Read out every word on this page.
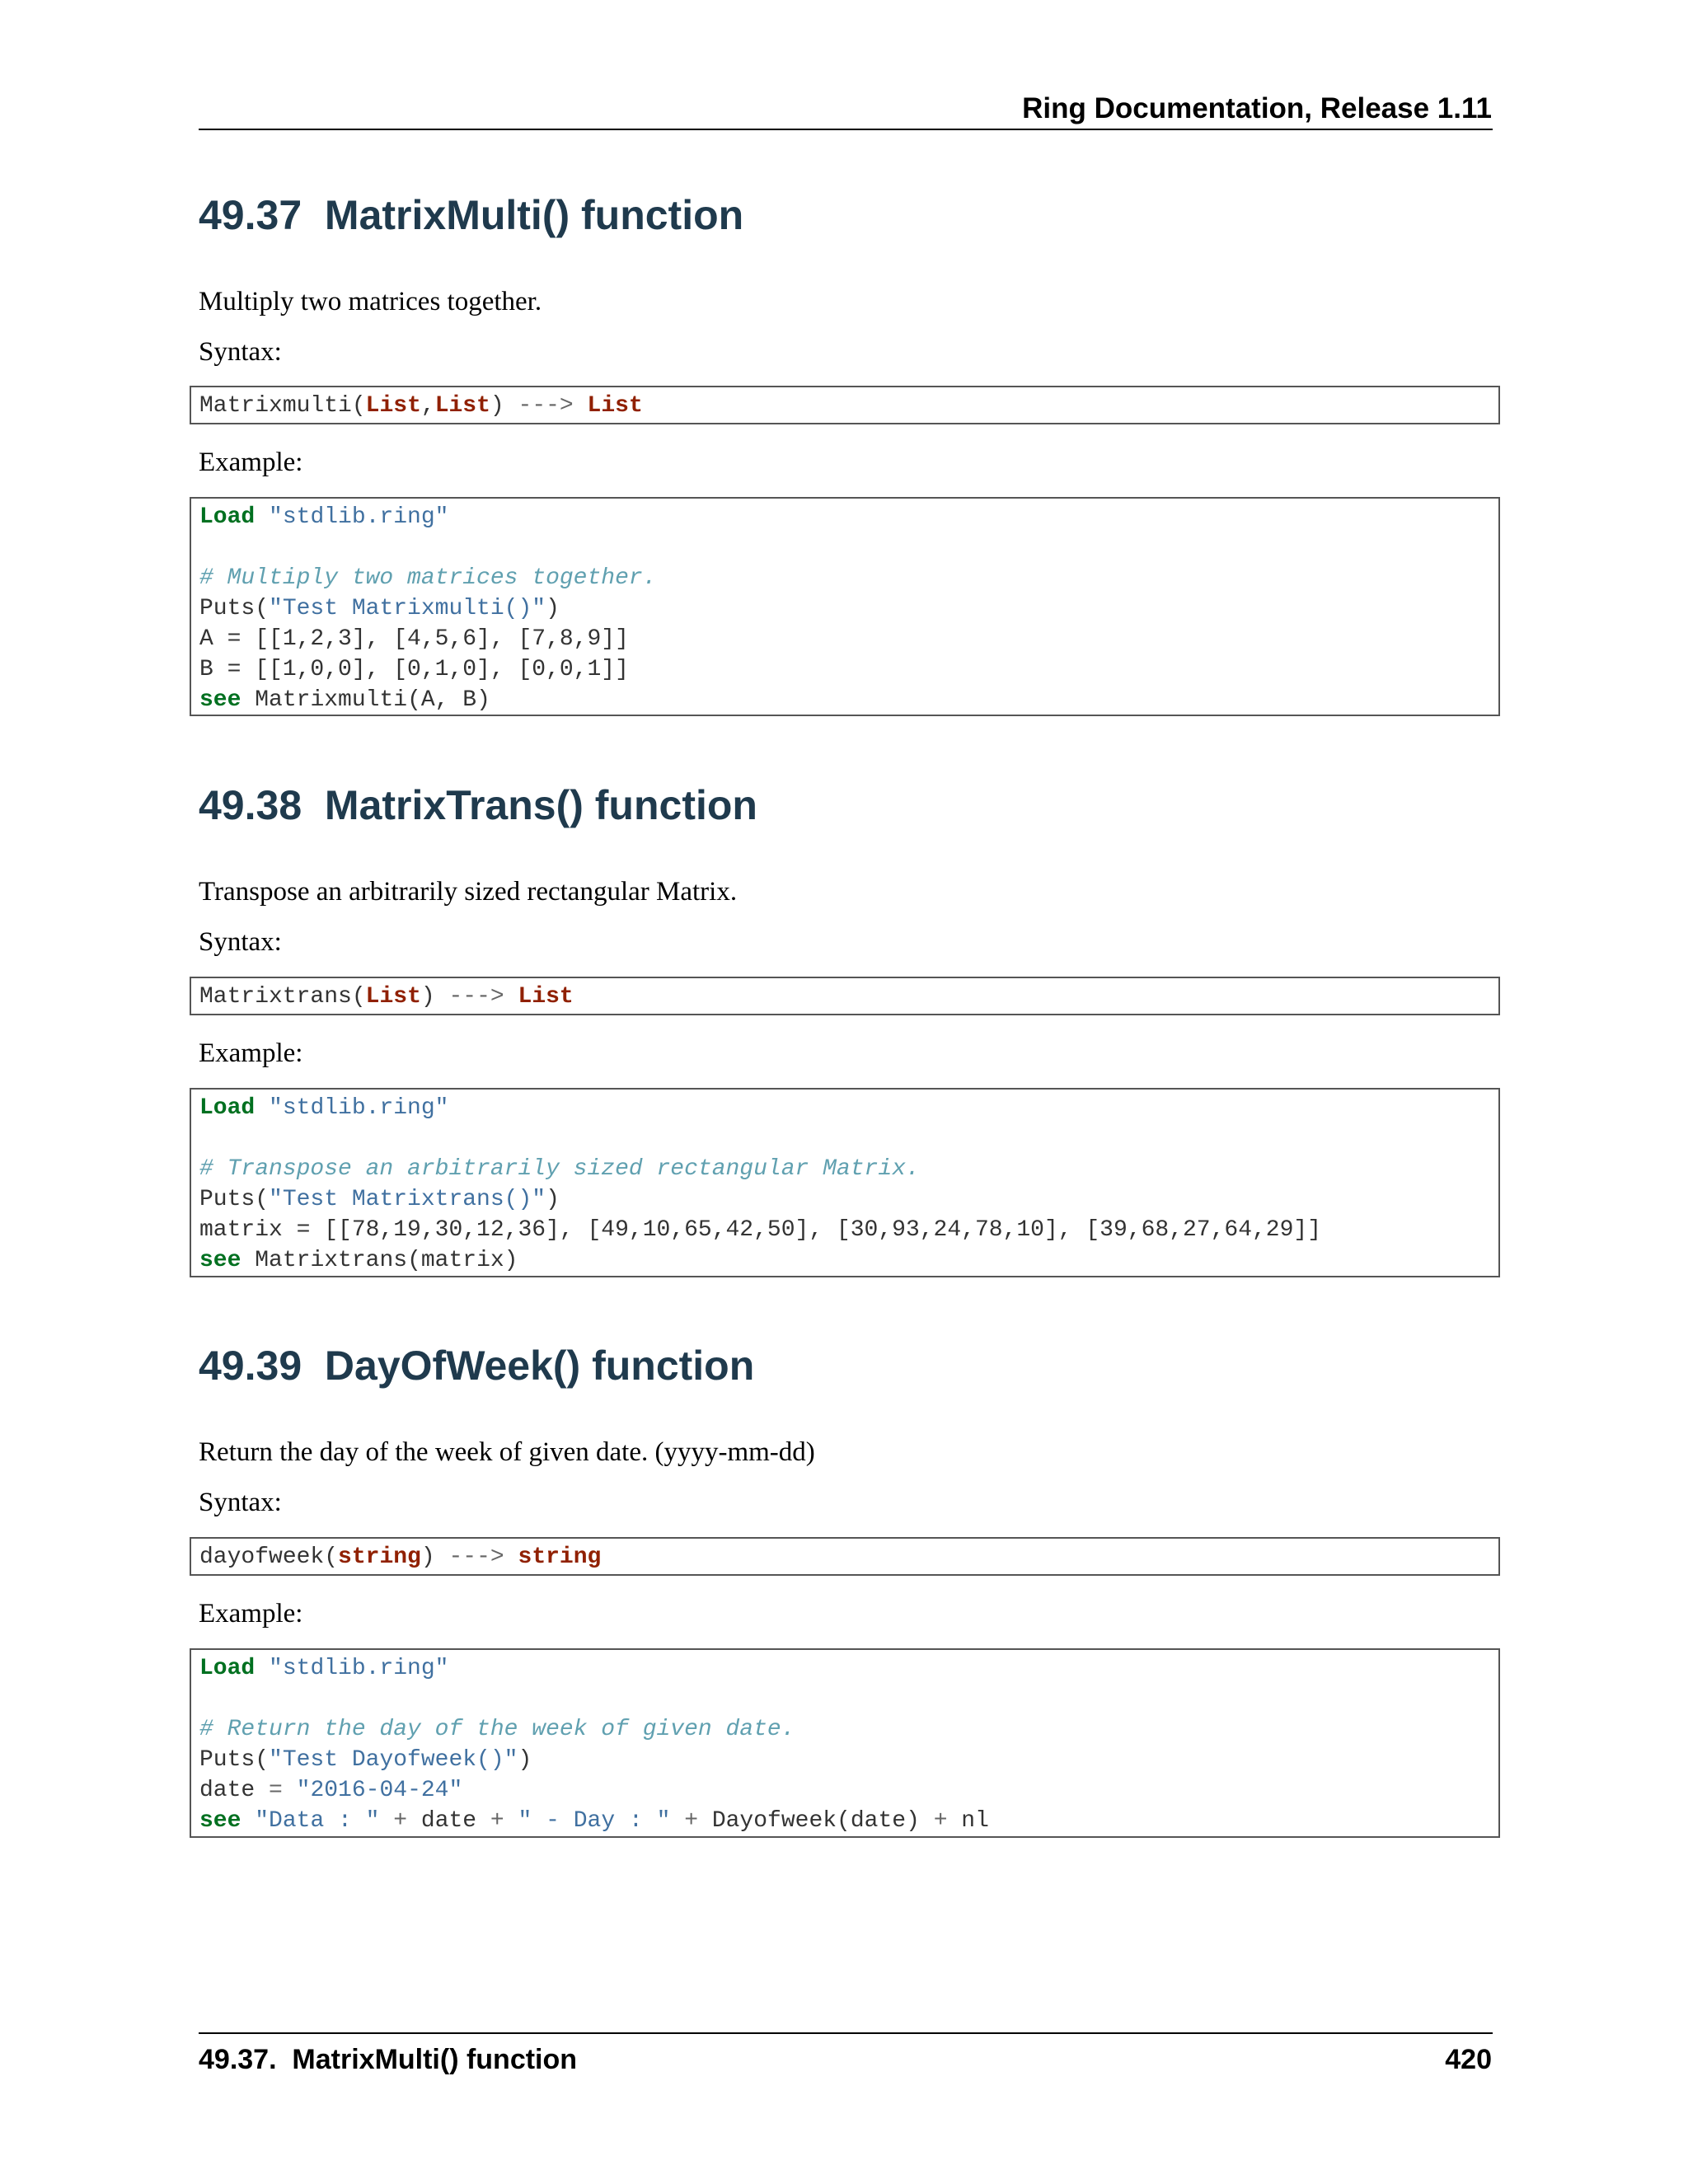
Ring Documentation, Release 1.11
49.37 MatrixMulti() function
Multiply two matrices together.
Syntax:
Matrixmulti(List,List) ---> List
Example:
Load "stdlib.ring"

# Multiply two matrices together.
Puts("Test Matrixmulti()")
A = [[1,2,3], [4,5,6], [7,8,9]]
B = [[1,0,0], [0,1,0], [0,0,1]]
see Matrixmulti(A, B)
49.38 MatrixTrans() function
Transpose an arbitrarily sized rectangular Matrix.
Syntax:
Matrixtrans(List) ---> List
Example:
Load "stdlib.ring"

# Transpose an arbitrarily sized rectangular Matrix.
Puts("Test Matrixtrans()")
matrix = [[78,19,30,12,36], [49,10,65,42,50], [30,93,24,78,10], [39,68,27,64,29]]
see Matrixtrans(matrix)
49.39 DayOfWeek() function
Return the day of the week of given date. (yyyy-mm-dd)
Syntax:
dayofweek(string) ---> string
Example:
Load "stdlib.ring"

# Return the day of the week of given date.
Puts("Test Dayofweek()")
date = "2016-04-24"
see "Data : " + date + " - Day : " + Dayofweek(date) + nl
49.37.  MatrixMulti() function	420
